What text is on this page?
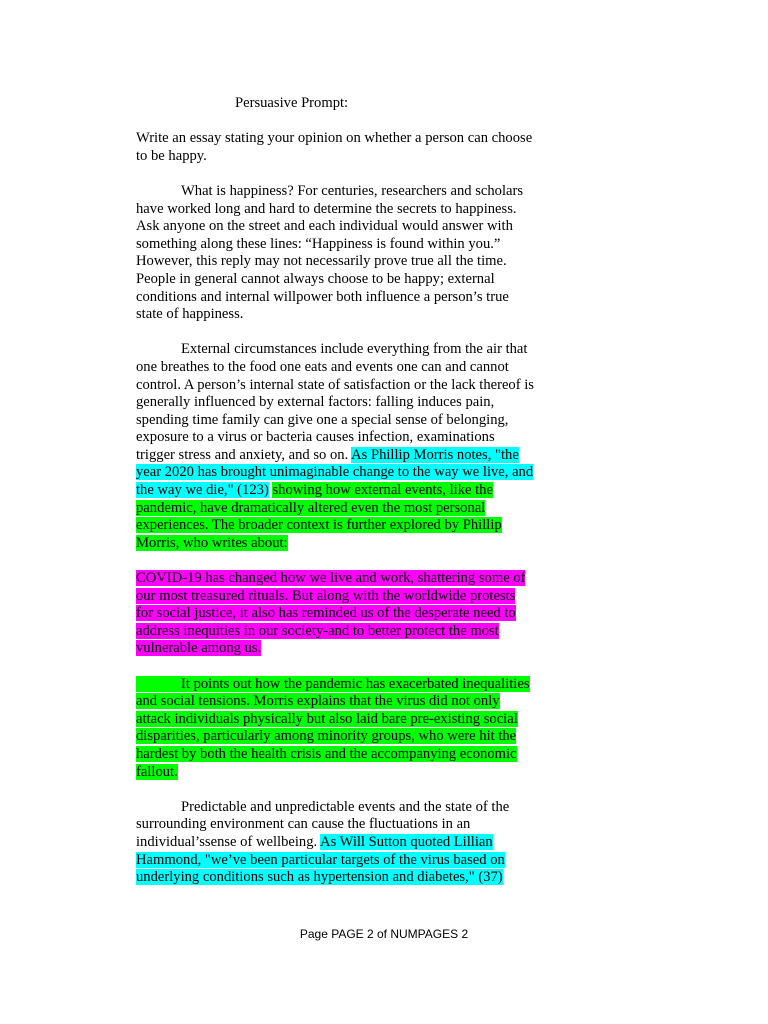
Persuasive Prompt:

Write an essay stating your opinion on whether a person can choose to be happy.

What is happiness? For centuries, researchers and scholars have worked long and hard to determine the secrets to happiness. Ask anyone on the street and each individual would answer with something along these lines: “Happiness is found within you.” However, this reply may not necessarily prove true all the time. People in general cannot always choose to be happy; external conditions and internal willpower both influence a person’s true state of happiness.

External circumstances include everything from the air that one breathes to the food one eats and events one can and cannot control. A person’s internal state of satisfaction or the lack thereof is generally influenced by external factors: falling induces pain, spending time family can give one a special sense of belonging, exposure to a virus or bacteria causes infection, examinations trigger stress and anxiety, and so on. As Phillip Morris notes, "the year 2020 has brought unimaginable change to the way we live, and the way we die," (123) showing how external events, like the pandemic, have dramatically altered even the most personal experiences. The broader context is further explored by Phillip Morris, who writes about:

COVID-19 has changed how we live and work, shattering some of our most treasured rituals. But along with the worldwide protests for social justice, it also has reminded us of the desperate need to address inequities in our society-and to better protect the most vulnerable among us.

It points out how the pandemic has exacerbated inequalities and social tensions. Morris explains that the virus did not only attack individuals physically but also laid bare pre-existing social disparities, particularly among minority groups, who were hit the hardest by both the health crisis and the accompanying economic fallout.

Predictable and unpredictable events and the state of the surrounding environment can cause the fluctuations in an individual’ssense of wellbeing. As Will Sutton quoted Lillian Hammond, "we’ve been particular targets of the virus based on underlying conditions such as hypertension and diabetes," (37)

Page PAGE 2 of NUMPAGES 2
